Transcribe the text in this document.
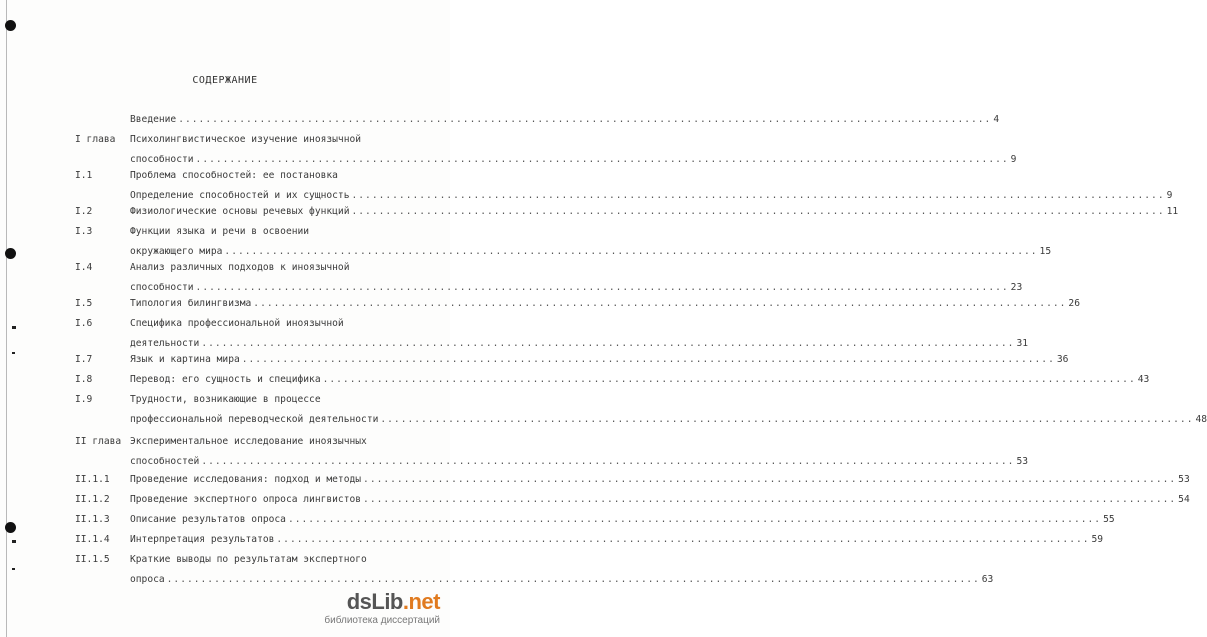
СОДЕРЖАНИЕ
Введение ........................................................................................................................ 4
I глава Психолингвистическое изучение иноязычной
способности ........................................................................................................................ 9
I.1	Проблема способностей: ее постановка
Определение способностей и их сущность ........................................................................................................................ 9
I.2	Физиологические основы речевых функций ........................................................................................................................ 11
I.3	Функции языка и речи в освоении
окружающего мира ........................................................................................................................ 15
I.4	Анализ различных подходов к иноязычной
способности ........................................................................................................................ 23
I.5	Типология билингвизма ........................................................................................................................ 26
I.6	Специфика профессиональной иноязычной
деятельности ........................................................................................................................ 31
I.7	Язык и картина мира ........................................................................................................................ 36
I.8	Перевод: его сущность и специфика ........................................................................................................................ 43
I.9	Трудности, возникающие в процессе
профессиональной переводческой деятельности ........................................................................................................................ 48
II глава Экспериментальное исследование иноязычных
способностей ........................................................................................................................ 53
II.1.1 Проведение исследования: подход и методы ........................................................................................................................ 53
II.1.2 Проведение экспертного опроса лингвистов ........................................................................................................................ 54
II.1.3 Описание результатов опроса ........................................................................................................................ 55
II.1.4 Интерпретация результатов ........................................................................................................................ 59
II.1.5 Краткие выводы по результатам экспертного
опроса ........................................................................................................................ 63
dsLib.net
библиотека диссертаций
